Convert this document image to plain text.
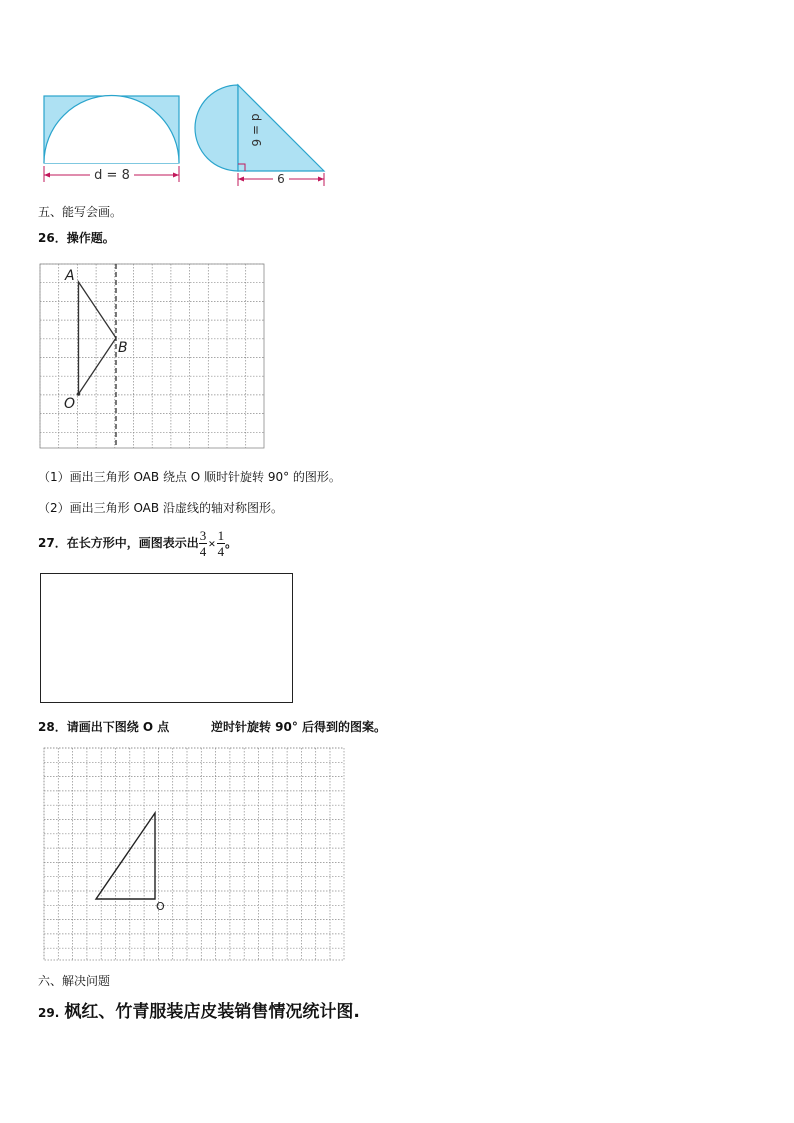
d = 8
d = 6
6
五、能写会画。
26．操作题。
A
B
O
（1）画出三角形 OAB 绕点 O 顺时针旋转 90° 的图形。
（2）画出三角形 OAB 沿虚线的轴对称图形。
27．在长方形中，画图表示出 $\frac{3}{4} \times \frac{1}{4}$ 。
28．请画出下图绕 O 点	逆时针旋转 90° 后得到的图案。
O
六、解决问题
29. 枫红、竹青服装店皮装销售情况统计图.
